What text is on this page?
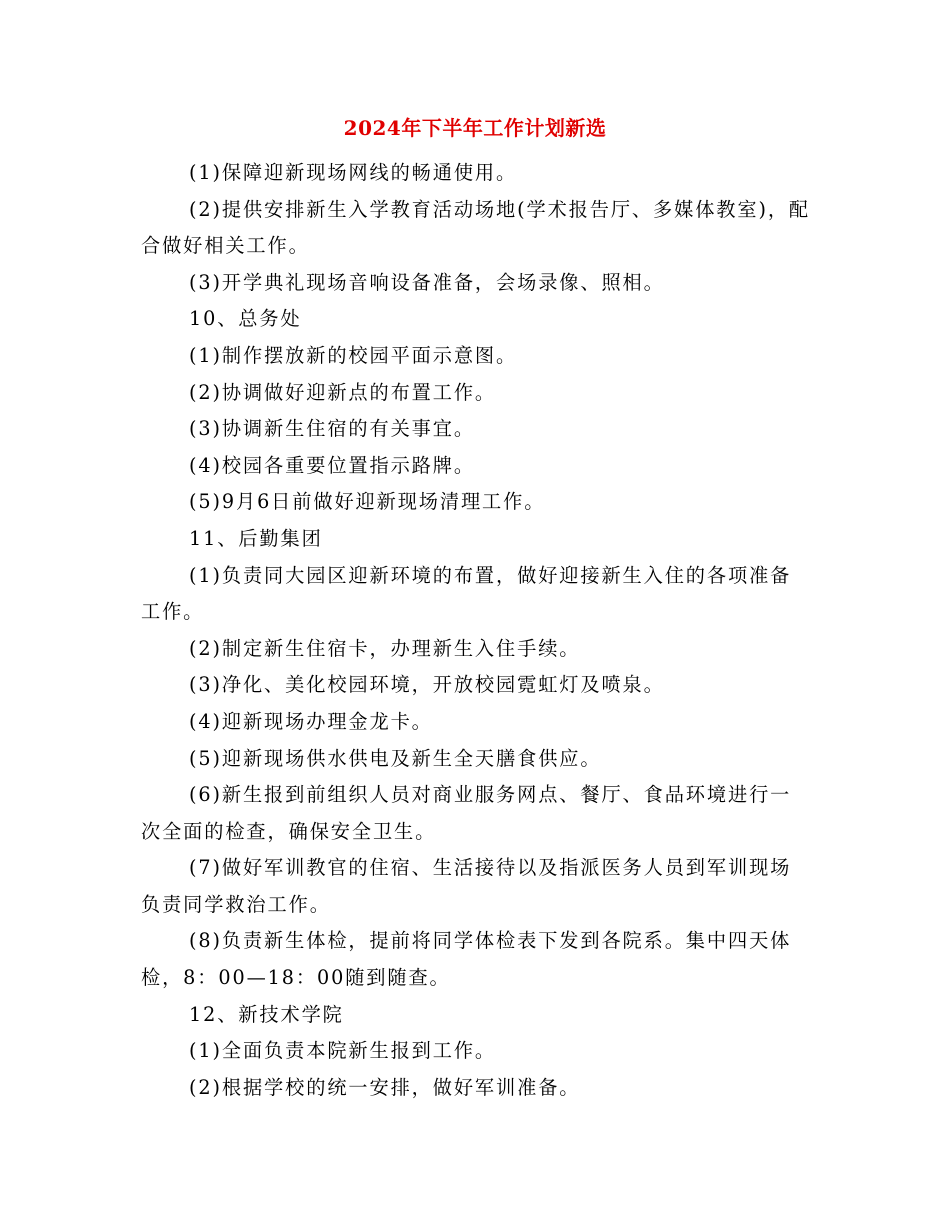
2024年下半年工作计划新选

(1)保障迎新现场网线的畅通使用。

(2)提供安排新生入学教育活动场地(学术报告厅、多媒体教室)，配合做好相关工作。

(3)开学典礼现场音响设备准备，会场录像、照相。

10、总务处

(1)制作摆放新的校园平面示意图。

(2)协调做好迎新点的布置工作。

(3)协调新生住宿的有关事宜。

(4)校园各重要位置指示路牌。

(5)9月6日前做好迎新现场清理工作。

11、后勤集团

(1)负责同大园区迎新环境的布置，做好迎接新生入住的各项准备工作。

(2)制定新生住宿卡，办理新生入住手续。

(3)净化、美化校园环境，开放校园霓虹灯及喷泉。

(4)迎新现场办理金龙卡。

(5)迎新现场供水供电及新生全天膳食供应。

(6)新生报到前组织人员对商业服务网点、餐厅、食品环境进行一次全面的检查，确保安全卫生。

(7)做好军训教官的住宿、生活接待以及指派医务人员到军训现场负责同学救治工作。

(8)负责新生体检，提前将同学体检表下发到各院系。集中四天体检，8：00—18：00随到随查。

12、新技术学院

(1)全面负责本院新生报到工作。

(2)根据学校的统一安排，做好军训准备。
